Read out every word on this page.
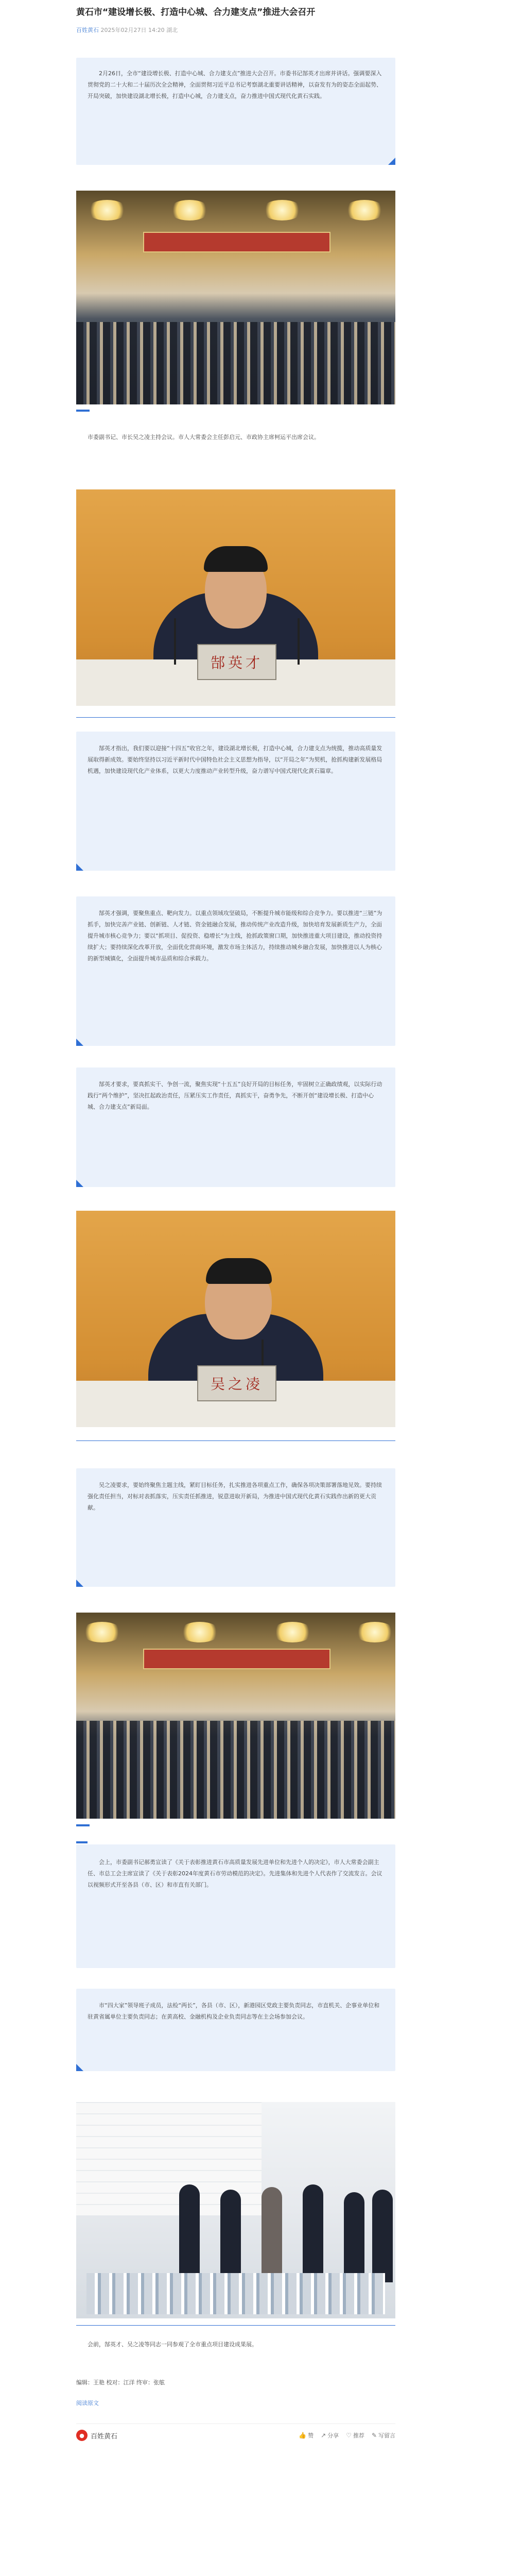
黄石市“建设增长极、打造中心城、合力建支点”推进大会召开
百姓黄石 2025年02月27日 14:20 湖北

2月26日，全市“建设增长极、打造中心城、合力建支点”推进大会召开。市委书记郜英才出席并讲话。强调要深入贯彻党的二十大和二十届历次全会精神，全面贯彻习近平总书记考察湖北重要讲话精神，以奋发有为的姿态全面起势、开局突破，加快建设湖北增长极，打造中心城，合力建支点，奋力推进中国式现代化黄石实践。

市委副书记、市长吴之凌主持会议。市人大常委会主任彭启元、市政协主席柯运平出席会议。

郜英才

郜英才指出，我们要以迎接“十四五”收官之年，建设湖北增长极，打造中心城，合力建支点为统揽，推动高质量发展取得新成效。要始终坚持以习近平新时代中国特色社会主义思想为指导，以“开局之年”为契机，抢抓构建新发展格局机遇，加快建设现代化产业体系，以更大力度推动产业转型升级，奋力谱写中国式现代化黄石篇章。

郜英才强调，要聚焦重点、靶向发力。以重点领域攻坚破局，不断提升城市能级和综合竞争力。要以推进“三链”为抓手，加快完善产业链、创新链、人才链、资金链融合发展，推动传统产业改造升级，加快培育发展新质生产力，全面提升城市核心竞争力；要以“抓项目、促投资、稳增长”为主线，抢抓政策窗口期，加快推进重大项目建设，推动投资持续扩大；要持续深化改革开放，全面优化营商环境，激发市场主体活力，持续推动城乡融合发展，加快推进以人为核心的新型城镇化，全面提升城市品质和综合承载力。

郜英才要求，要真抓实干、争创一流，聚焦实现“十五五”良好开局的目标任务，牢固树立正确政绩观，以实际行动践行“两个维护”，坚决扛起政治责任，压紧压实工作责任，真抓实干，奋勇争先，不断开创“建设增长极、打造中心城、合力建支点”新局面。

吴之凌

吴之凌要求，要始终聚焦主题主线，紧盯目标任务，扎实推进各项重点工作，确保各项决策部署落地见效。要持续强化责任担当，对标对表抓落实，压实责任抓推进，锐意进取开新局，为推进中国式现代化黄石实践作出新的更大贡献。

会上，市委副书记郝勇宣读了《关于表彰推进黄石市高质量发展先进单位和先进个人的决定》，市人大常委会副主任、市总工会主席宣读了《关于表彰2024年度黄石市劳动模范的决定》。先进集体和先进个人代表作了交流发言。会议以视频形式开至各县（市、区）和市直有关部门。

市“四大家”领导班子成员，法检“两长”，各县（市、区），新港园区党政主要负责同志，市直机关、企事业单位和驻黄省属单位主要负责同志；在黄高校、金融机构及企业负责同志等在主会场参加会议。

会前，郜英才、吴之凌等同志一同参观了全市重点项目建设成果展。

编辑：王艳 校对：江洋 终审：张舷

阅读原文

● 百姓黄石	👍 赞 ↗ 分享 ♡ 推荐 ✎ 写留言
